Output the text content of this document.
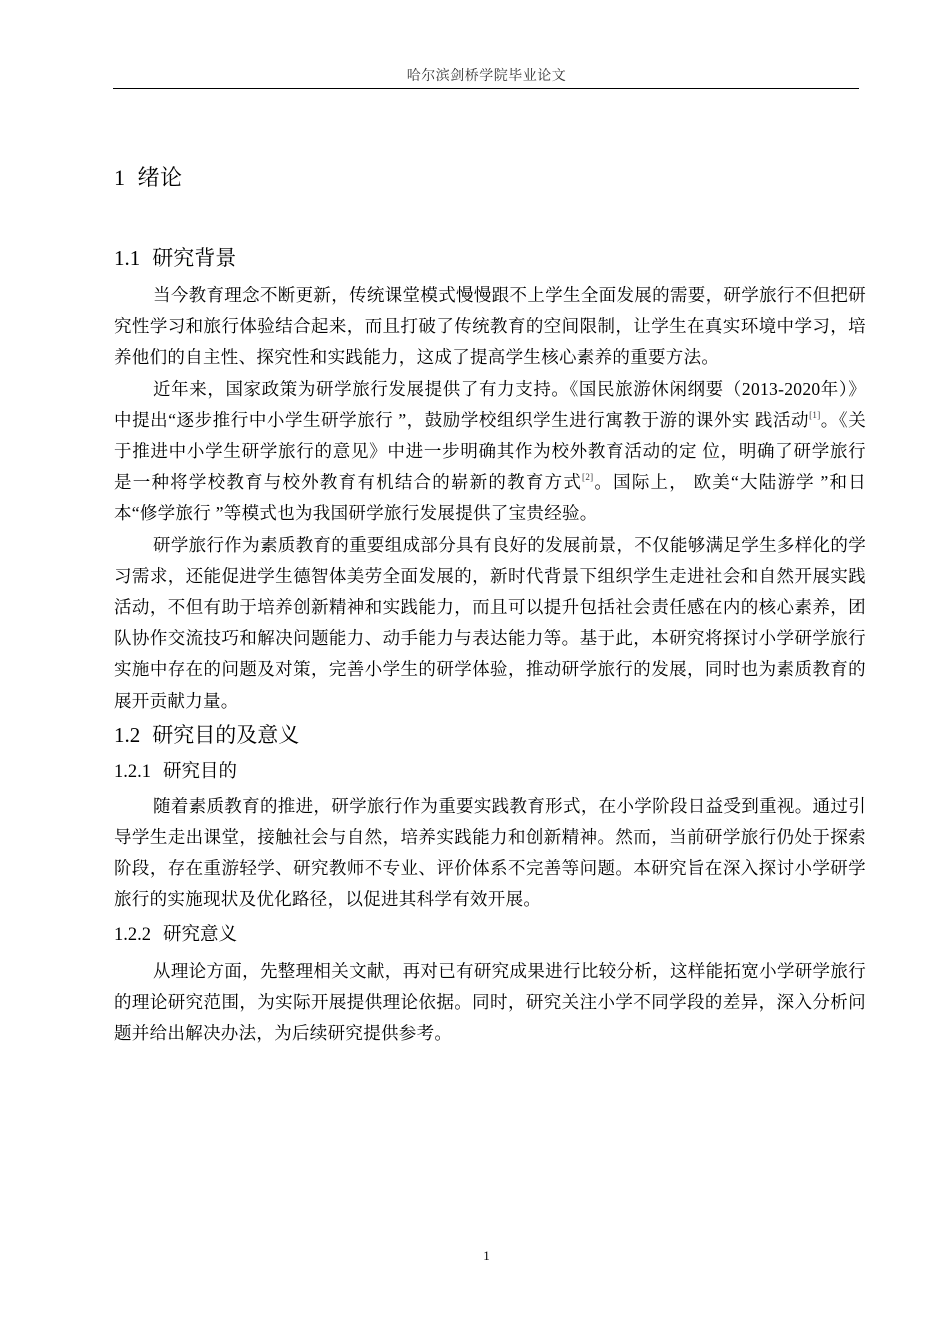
哈尔滨剑桥学院毕业论文
1 绪论
1.1 研究背景

当今教育理念不断更新，传统课堂模式慢慢跟不上学生全面发展的需要，研学旅行不但把研究性学习和旅行体验结合起来，而且打破了传统教育的空间限制，让学生在真实环境中学习，培养他们的自主性、探究性和实践能力，这成了提高学生核心素养的重要方法。

近年来，国家政策为研学旅行发展提供了有力支持。《国民旅游休闲纲要（2013-2020年）》中提出“逐步推行中小学生研学旅行 ”，鼓励学校组织学生进行寓教于游的课外实 践活动[1]。《关于推进中小学生研学旅行的意见》中进一步明确其作为校外教育活动的定 位，明确了研学旅行是一种将学校教育与校外教育有机结合的崭新的教育方式[2]。国际上， 欧美“大陆游学 ”和日本“修学旅行 ”等模式也为我国研学旅行发展提供了宝贵经验。

研学旅行作为素质教育的重要组成部分具有良好的发展前景，不仅能够满足学生多样化的学习需求，还能促进学生德智体美劳全面发展的，新时代背景下组织学生走进社会和自然开展实践活动，不但有助于培养创新精神和实践能力，而且可以提升包括社会责任感在内的核心素养，团队协作交流技巧和解决问题能力、动手能力与表达能力等。基于此，本研究将探讨小学研学旅行实施中存在的问题及对策，完善小学生的研学体验，推动研学旅行的发展，同时也为素质教育的展开贡献力量。

1.2 研究目的及意义
1.2.1 研究目的

随着素质教育的推进，研学旅行作为重要实践教育形式，在小学阶段日益受到重视。通过引导学生走出课堂，接触社会与自然，培养实践能力和创新精神。然而，当前研学旅行仍处于探索阶段，存在重游轻学、研究教师不专业、评价体系不完善等问题。本研究旨在深入探讨小学研学旅行的实施现状及优化路径，以促进其科学有效开展。

1.2.2 研究意义

从理论方面，先整理相关文献，再对已有研究成果进行比较分析，这样能拓宽小学研学旅行的理论研究范围，为实际开展提供理论依据。同时，研究关注小学不同学段的差异，深入分析问题并给出解决办法，为后续研究提供参考。

1
